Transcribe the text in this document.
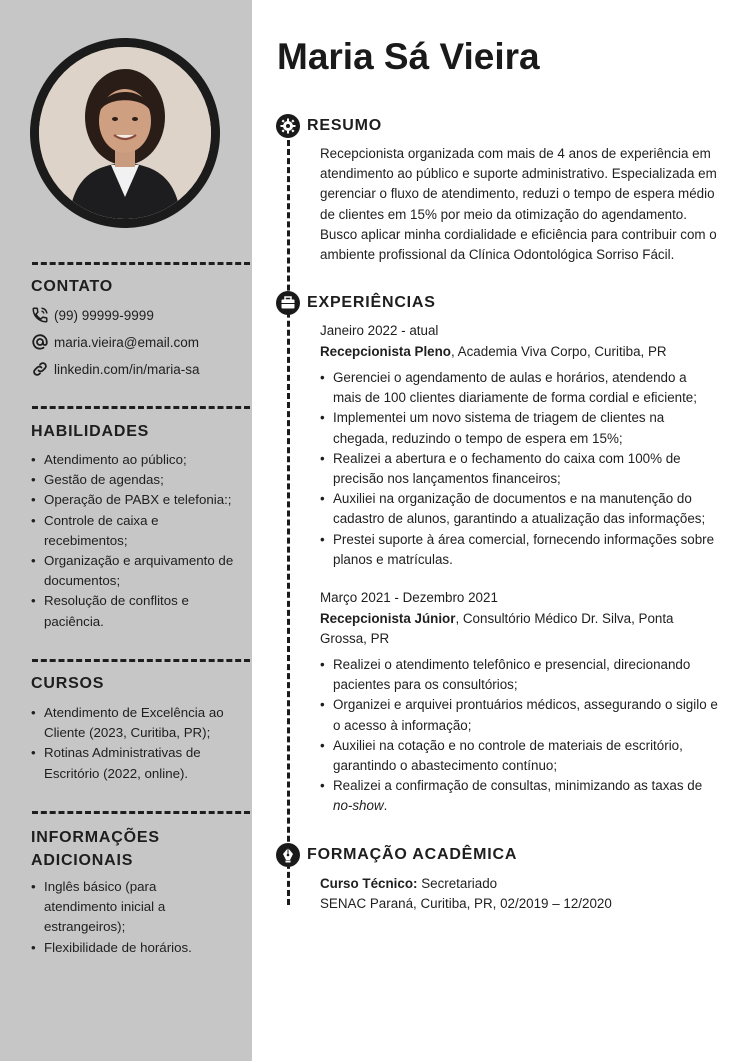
CONTATO
(99) 99999-9999
maria.vieira@email.com
linkedin.com/in/maria-sa
HABILIDADES
• Atendimento ao público;
• Gestão de agendas;
• Operação de PABX e telefonia:;
• Controle de caixa e recebimentos;
• Organização e arquivamento de documentos;
• Resolução de conflitos e paciência.
CURSOS
• Atendimento de Excelência ao Cliente (2023, Curitiba, PR);
• Rotinas Administrativas de Escritório (2022, online).
INFORMAÇÕES
ADICIONAIS
• Inglês básico (para atendimento inicial a estrangeiros);
• Flexibilidade de horários.
Maria Sá Vieira
RESUMO

Recepcionista organizada com mais de 4 anos de experiência em atendimento ao público e suporte administrativo. Especializada em gerenciar o fluxo de atendimento, reduzi o tempo de espera médio de clientes em 15% por meio da otimização do agendamento. Busco aplicar minha cordialidade e eficiência para contribuir com o ambiente profissional da Clínica Odontológica Sorriso Fácil.

EXPERIÊNCIAS
Janeiro 2022 - atual
Recepcionista Pleno, Academia Viva Corpo, Curitiba, PR
• Gerenciei o agendamento de aulas e horários, atendendo a mais de 100 clientes diariamente de forma cordial e eficiente;
• Implementei um novo sistema de triagem de clientes na chegada, reduzindo o tempo de espera em 15%;
• Realizei a abertura e o fechamento do caixa com 100% de precisão nos lançamentos financeiros;
• Auxiliei na organização de documentos e na manutenção do cadastro de alunos, garantindo a atualização das informações;
• Prestei suporte à área comercial, fornecendo informações sobre planos e matrículas.
Março 2021 - Dezembro 2021
Recepcionista Júnior, Consultório Médico Dr. Silva, Ponta Grossa, PR
• Realizei o atendimento telefônico e presencial, direcionando pacientes para os consultórios;
• Organizei e arquivei prontuários médicos, assegurando o sigilo e o acesso à informação;
• Auxiliei na cotação e no controle de materiais de escritório, garantindo o abastecimento contínuo;
• Realizei a confirmação de consultas, minimizando as taxas de no-show.
FORMAÇÃO ACADÊMICA
Curso Técnico: Secretariado
SENAC Paraná, Curitiba, PR, 02/2019 – 12/2020
